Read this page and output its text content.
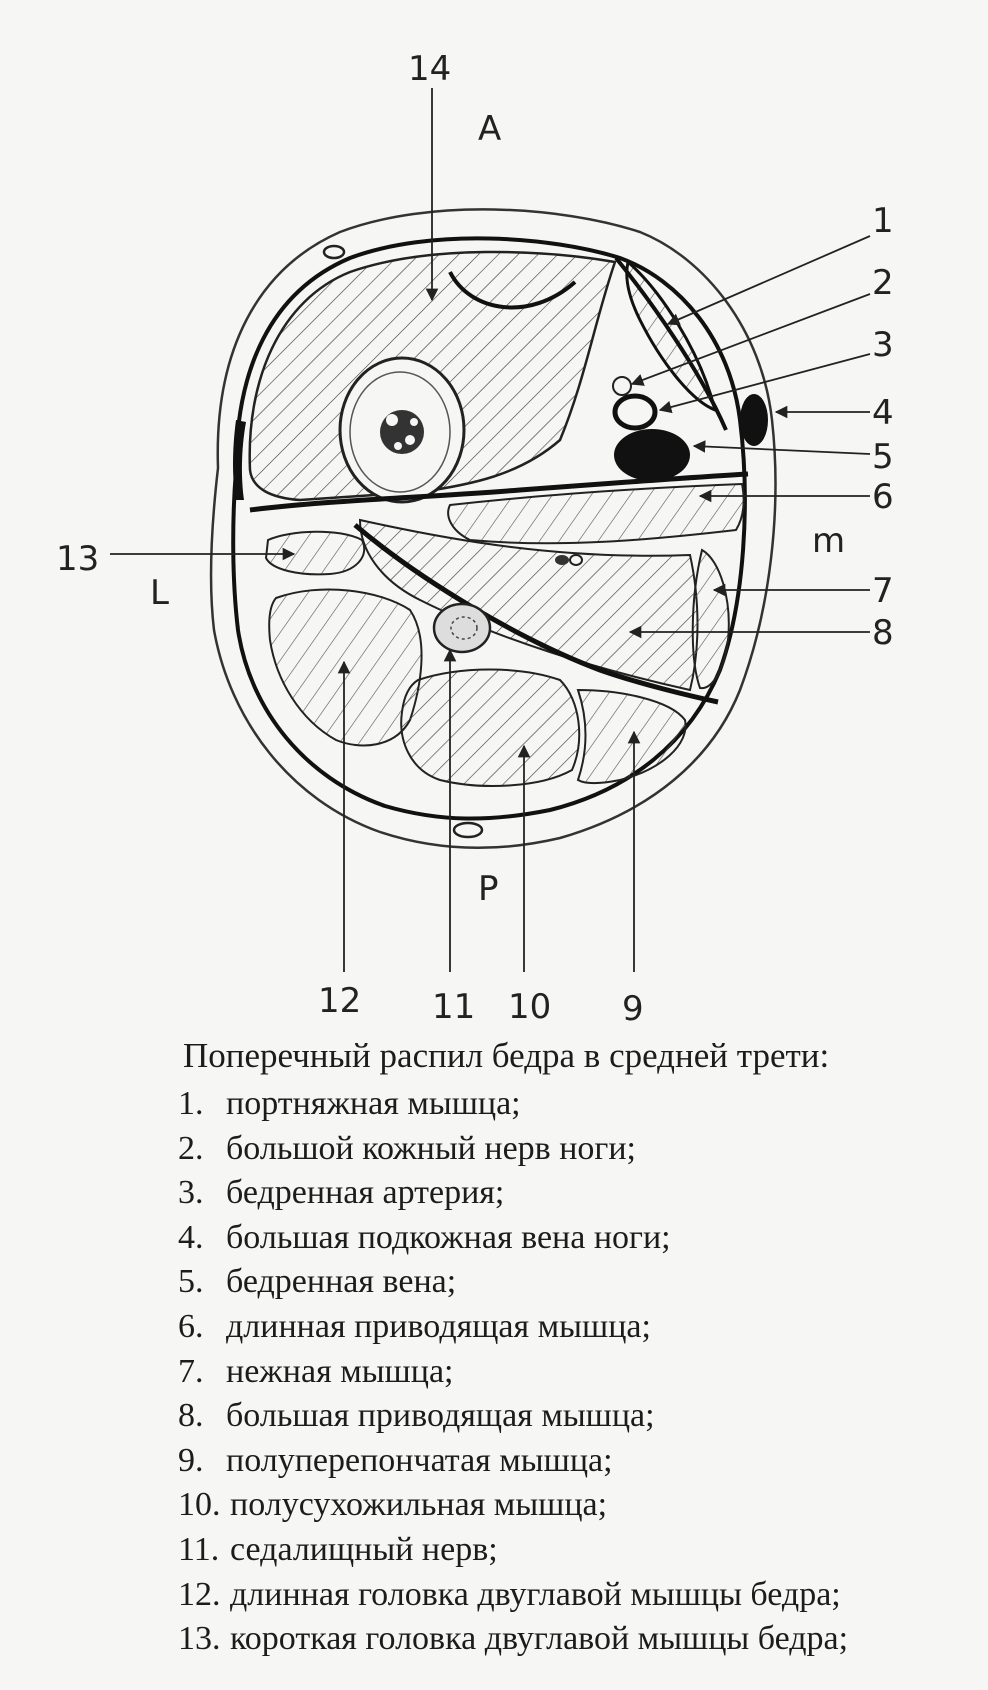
A
P
L
m
14
1
2
3
4
5
6
7
8
13
12 11 10 9

Поперечный распил бедра в средней трети:

1. портняжная мышца;
2. большой кожный нерв ноги;
3. бедренная артерия;
4. большая подкожная вена ноги;
5. бедренная вена;
6. длинная приводящая мышца;
7. нежная мышца;
8. большая приводящая мышца;
9. полуперепончатая мышца;
10. полусухожильная мышца;
11. седалищный нерв;
12. длинная головка двуглавой мышцы бедра;
13. короткая головка двуглавой мышцы бедра;
